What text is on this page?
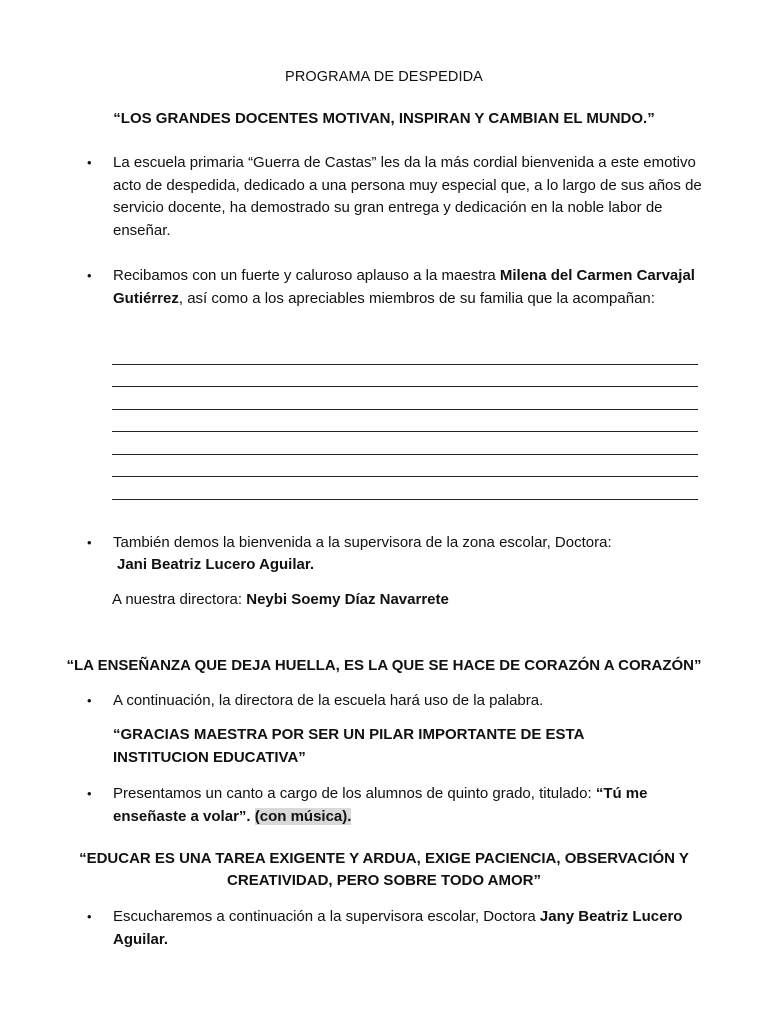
PROGRAMA DE DESPEDIDA
“LOS GRANDES DOCENTES MOTIVAN, INSPIRAN Y CAMBIAN EL MUNDO.”
•	La escuela primaria “Guerra de Castas” les da la más cordial bienvenida a este emotivo acto de despedida, dedicado a una persona muy especial que, a lo largo de sus años de servicio docente, ha demostrado su gran entrega y dedicación en la noble labor de enseñar.
•	Recibamos con un fuerte y caluroso aplauso a la maestra Milena del Carmen Carvajal Gutiérrez, así como a los apreciables miembros de su familia que la acompañan:
•	También demos la bienvenida a la supervisora de la zona escolar, Doctora:
Jani Beatriz Lucero Aguilar.
A nuestra directora: Neybi Soemy Díaz Navarrete
“LA ENSEÑANZA QUE DEJA HUELLA, ES LA QUE SE HACE DE CORAZÓN A CORAZÓN”
•	A continuación, la directora de la escuela hará uso de la palabra.
“GRACIAS MAESTRA POR SER UN PILAR IMPORTANTE DE ESTA INSTITUCION EDUCATIVA”
•	Presentamos un canto a cargo de los alumnos de quinto grado, titulado: “Tú me enseñaste a volar”. (con música).
“EDUCAR ES UNA TAREA EXIGENTE Y ARDUA, EXIGE PACIENCIA, OBSERVACIÓN Y CREATIVIDAD, PERO SOBRE TODO AMOR”
•	Escucharemos a continuación a la supervisora escolar, Doctora Jany Beatriz Lucero Aguilar.
